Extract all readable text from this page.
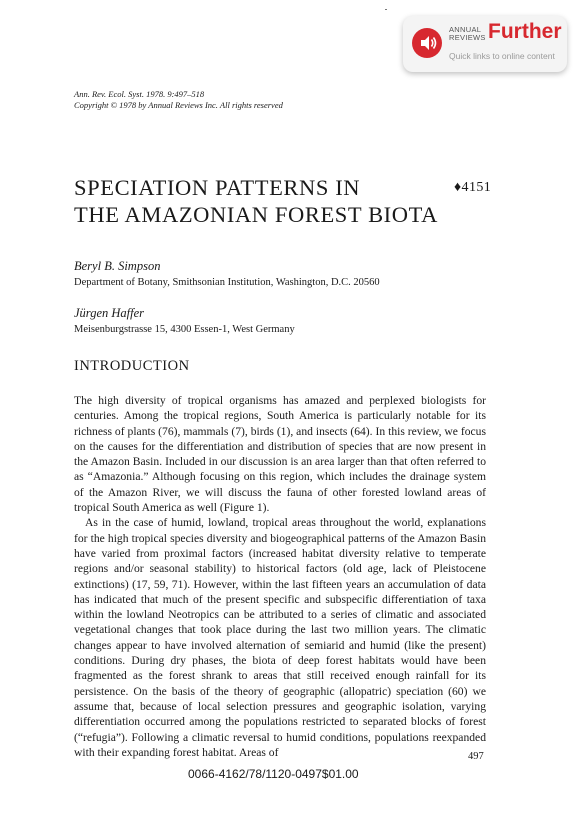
ANNUAL
REVIEWS Further
Quick links to online content
Ann. Rev. Ecol. Syst. 1978. 9:497–518
Copyright © 1978 by Annual Reviews Inc. All rights reserved
SPECIATION PATTERNS IN
THE AMAZONIAN FOREST BIOTA
♦4151
Beryl B. Simpson
Department of Botany, Smithsonian Institution, Washington, D.C. 20560
Jürgen Haffer
Meisenburgstrasse 15, 4300 Essen-1, West Germany
INTRODUCTION

The high diversity of tropical organisms has amazed and perplexed biologists for centuries. Among the tropical regions, South America is particularly notable for its richness of plants (76), mammals (7), birds (1), and insects (64). In this review, we focus on the causes for the differentiation and distribution of species that are now present in the Amazon Basin. Included in our discussion is an area larger than that often referred to as “Amazonia.” Although focusing on this region, which includes the drainage system of the Amazon River, we will discuss the fauna of other forested lowland areas of tropical South America as well (Figure 1).

As in the case of humid, lowland, tropical areas throughout the world, explanations for the high tropical species diversity and biogeographical patterns of the Amazon Basin have varied from proximal factors (increased habitat diversity relative to temperate regions and/or seasonal stability) to historical factors (old age, lack of Pleistocene extinctions) (17, 59, 71). However, within the last fifteen years an accumulation of data has indicated that much of the present specific and subspecific differentiation of taxa within the lowland Neotropics can be attributed to a series of climatic and associated vegetational changes that took place during the last two million years. The climatic changes appear to have involved alternation of semiarid and humid (like the present) conditions. During dry phases, the biota of deep forest habitats would have been fragmented as the forest shrank to areas that still received enough rainfall for its persistence. On the basis of the theory of geographic (allopatric) speciation (60) we assume that, because of local selection pressures and geographic isolation, varying differentiation occurred among the populations restricted to separated blocks of forest (“refugia”). Following a climatic reversal to humid conditions, populations reexpanded with their expanding forest habitat. Areas of	497
0066-4162/78/1120-0497$01.00
